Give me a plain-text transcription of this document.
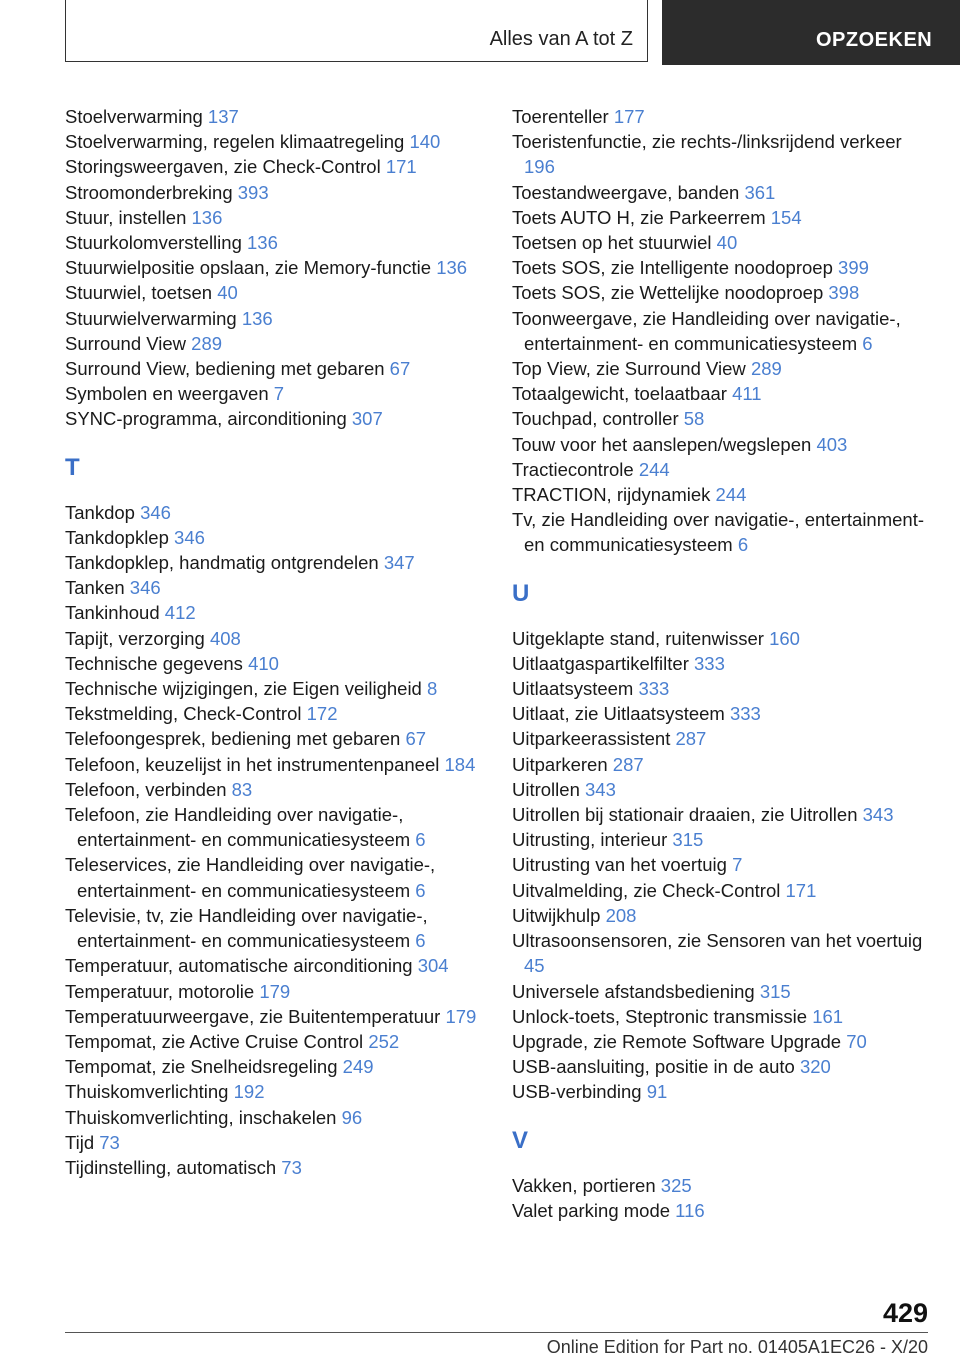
Alles van A tot Z	OPZOEKEN
Stoelverwarming 137
Stoelverwarming, regelen klimaatregeling 140
Storingsweergaven, zie Check-Control 171
Stroomonderbreking 393
Stuur, instellen 136
Stuurkolomverstelling 136
Stuurwielpositie opslaan, zie Memory-functie 136
Stuurwiel, toetsen 40
Stuurwielverwarming 136
Surround View 289
Surround View, bediening met gebaren 67
Symbolen en weergaven 7
SYNC-programma, airconditioning 307
T
Tankdop 346
Tankdopklep 346
Tankdopklep, handmatig ontgrendelen 347
Tanken 346
Tankinhoud 412
Tapijt, verzorging 408
Technische gegevens 410
Technische wijzigingen, zie Eigen veiligheid 8
Tekstmelding, Check-Control 172
Telefoongesprek, bediening met gebaren 67
Telefoon, keuzelijst in het instrumentenpaneel 184
Telefoon, verbinden 83
Telefoon, zie Handleiding over navigatie-, entertainment- en communicatiesysteem 6
Teleservices, zie Handleiding over navigatie-, entertainment- en communicatiesysteem 6
Televisie, tv, zie Handleiding over navigatie-, entertainment- en communicatiesysteem 6
Temperatuur, automatische airconditioning 304
Temperatuur, motorolie 179
Temperatuurweergave, zie Buitentemperatuur 179
Tempomat, zie Active Cruise Control 252
Tempomat, zie Snelheidsregeling 249
Thuiskomverlichting 192
Thuiskomverlichting, inschakelen 96
Tijd 73
Tijdinstelling, automatisch 73
Toerenteller 177
Toeristenfunctie, zie rechts-/linksrijdend verkeer 196
Toestandweergave, banden 361
Toets AUTO H, zie Parkeerrem 154
Toetsen op het stuurwiel 40
Toets SOS, zie Intelligente noodoproep 399
Toets SOS, zie Wettelijke noodoproep 398
Toonweergave, zie Handleiding over navigatie-, entertainment- en communicatiesysteem 6
Top View, zie Surround View 289
Totaalgewicht, toelaatbaar 411
Touchpad, controller 58
Touw voor het aanslepen/wegslepen 403
Tractiecontrole 244
TRACTION, rijdynamiek 244
Tv, zie Handleiding over navigatie-, entertainment- en communicatiesysteem 6
U
Uitgeklapte stand, ruitenwisser 160
Uitlaatgaspartikelfilter 333
Uitlaatsysteem 333
Uitlaat, zie Uitlaatsysteem 333
Uitparkeerassistent 287
Uitparkeren 287
Uitrollen 343
Uitrollen bij stationair draaien, zie Uitrollen 343
Uitrusting, interieur 315
Uitrusting van het voertuig 7
Uitvalmelding, zie Check-Control 171
Uitwijkhulp 208
Ultrasoonsensoren, zie Sensoren van het voertuig 45
Universele afstandsbediening 315
Unlock-toets, Steptronic transmissie 161
Upgrade, zie Remote Software Upgrade 70
USB-aansluiting, positie in de auto 320
USB-verbinding 91
V
Vakken, portieren 325
Valet parking mode 116
429
Online Edition for Part no. 01405A1EC26 - X/20
